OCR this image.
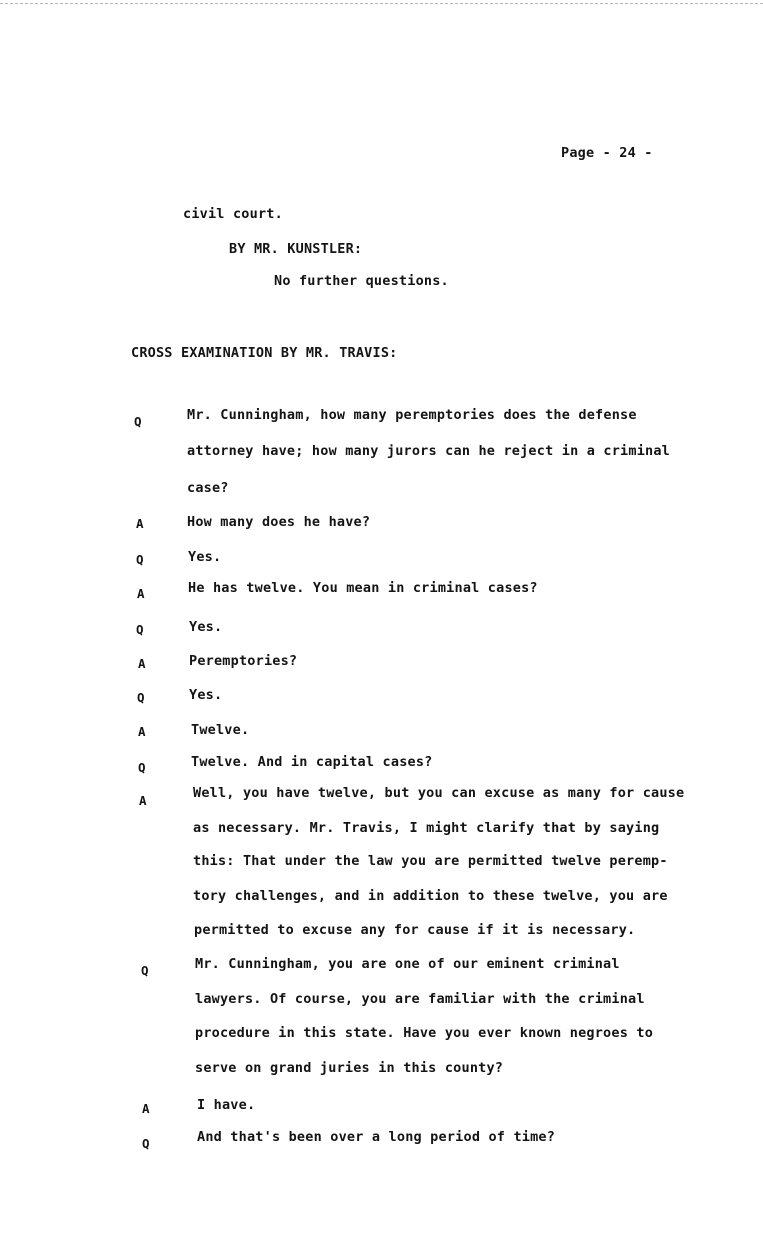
Page - 24 -
civil court.
BY MR. KUNSTLER:
No further questions.
CROSS EXAMINATION BY MR. TRAVIS:
Q	Mr. Cunningham, how many peremptories does the defense
attorney have; how many jurors can he reject in a criminal
case?
A	How many does he have?
Q	Yes.
A	He has twelve. You mean in criminal cases?
Q	Yes.
A	Peremptories?
Q	Yes.
A	Twelve.
Q	Twelve. And in capital cases?
A	Well, you have twelve, but you can excuse as many for cause
as necessary. Mr. Travis, I might clarify that by saying
this: That under the law you are permitted twelve peremp-
tory challenges, and in addition to these twelve, you are
permitted to excuse any for cause if it is necessary.
Q	Mr. Cunningham, you are one of our eminent criminal
lawyers. Of course, you are familiar with the criminal
procedure in this state. Have you ever known negroes to
serve on grand juries in this county?
A	I have.
Q	And that's been over a long period of time?
